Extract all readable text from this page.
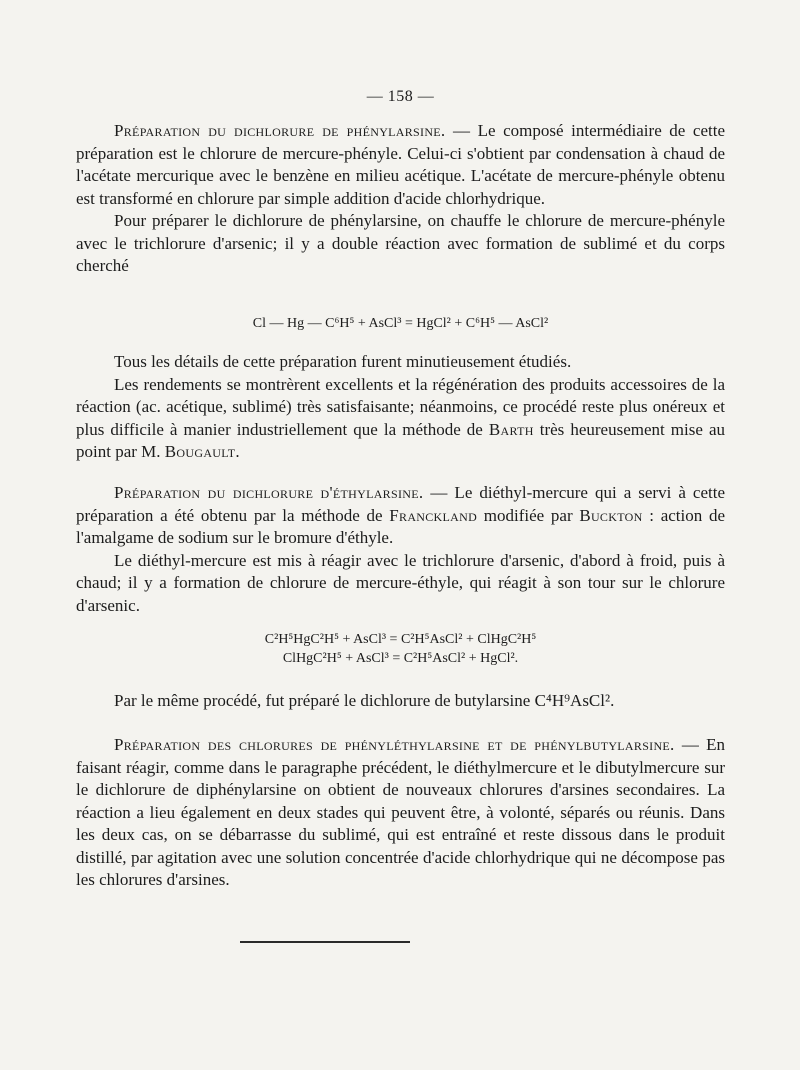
— 158 —

Préparation du dichlorure de phénylarsine. — Le composé intermédiaire de cette préparation est le chlorure de mercure-phényle. Celui-ci s'obtient par condensation à chaud de l'acétate mercurique avec le benzène en milieu acétique. L'acétate de mercure-phényle obtenu est transformé en chlorure par simple addition d'acide chlorhydrique.

Pour préparer le dichlorure de phénylarsine, on chauffe le chlorure de mercure-phényle avec le trichlorure d'arsenic; il y a double réaction avec formation de sublimé et du corps cherché

Cl — Hg — C⁶H⁵ + AsCl³ = HgCl² + C⁶H⁵ — AsCl²

Tous les détails de cette préparation furent minutieusement étudiés.

Les rendements se montrèrent excellents et la régénération des produits accessoires de la réaction (ac. acétique, sublimé) très satisfaisante; néanmoins, ce procédé reste plus onéreux et plus difficile à manier industriellement que la méthode de Barth très heureusement mise au point par M. Bougault.

Préparation du dichlorure d'éthylarsine. — Le diéthyl-mercure qui a servi à cette préparation a été obtenu par la méthode de Franckland modifiée par Buckton : action de l'amalgame de sodium sur le bromure d'éthyle.

Le diéthyl-mercure est mis à réagir avec le trichlorure d'arsenic, d'abord à froid, puis à chaud; il y a formation de chlorure de mercure-éthyle, qui réagit à son tour sur le chlorure d'arsenic.

C²H⁵HgC²H⁵ + AsCl³ = C²H⁵AsCl² + ClHgC²H⁵
ClHgC²H⁵ + AsCl³ = C²H⁵AsCl² + HgCl².

Par le même procédé, fut préparé le dichlorure de butylarsine C⁴H⁹AsCl².

Préparation des chlorures de phényléthylarsine et de phénylbutylarsine. — En faisant réagir, comme dans le paragraphe précédent, le diéthylmercure et le dibutylmercure sur le dichlorure de diphénylarsine on obtient de nouveaux chlorures d'arsines secondaires. La réaction a lieu également en deux stades qui peuvent être, à volonté, séparés ou réunis. Dans les deux cas, on se débarrasse du sublimé, qui est entraîné et reste dissous dans le produit distillé, par agitation avec une solution concentrée d'acide chlorhydrique qui ne décompose pas les chlorures d'arsines.
